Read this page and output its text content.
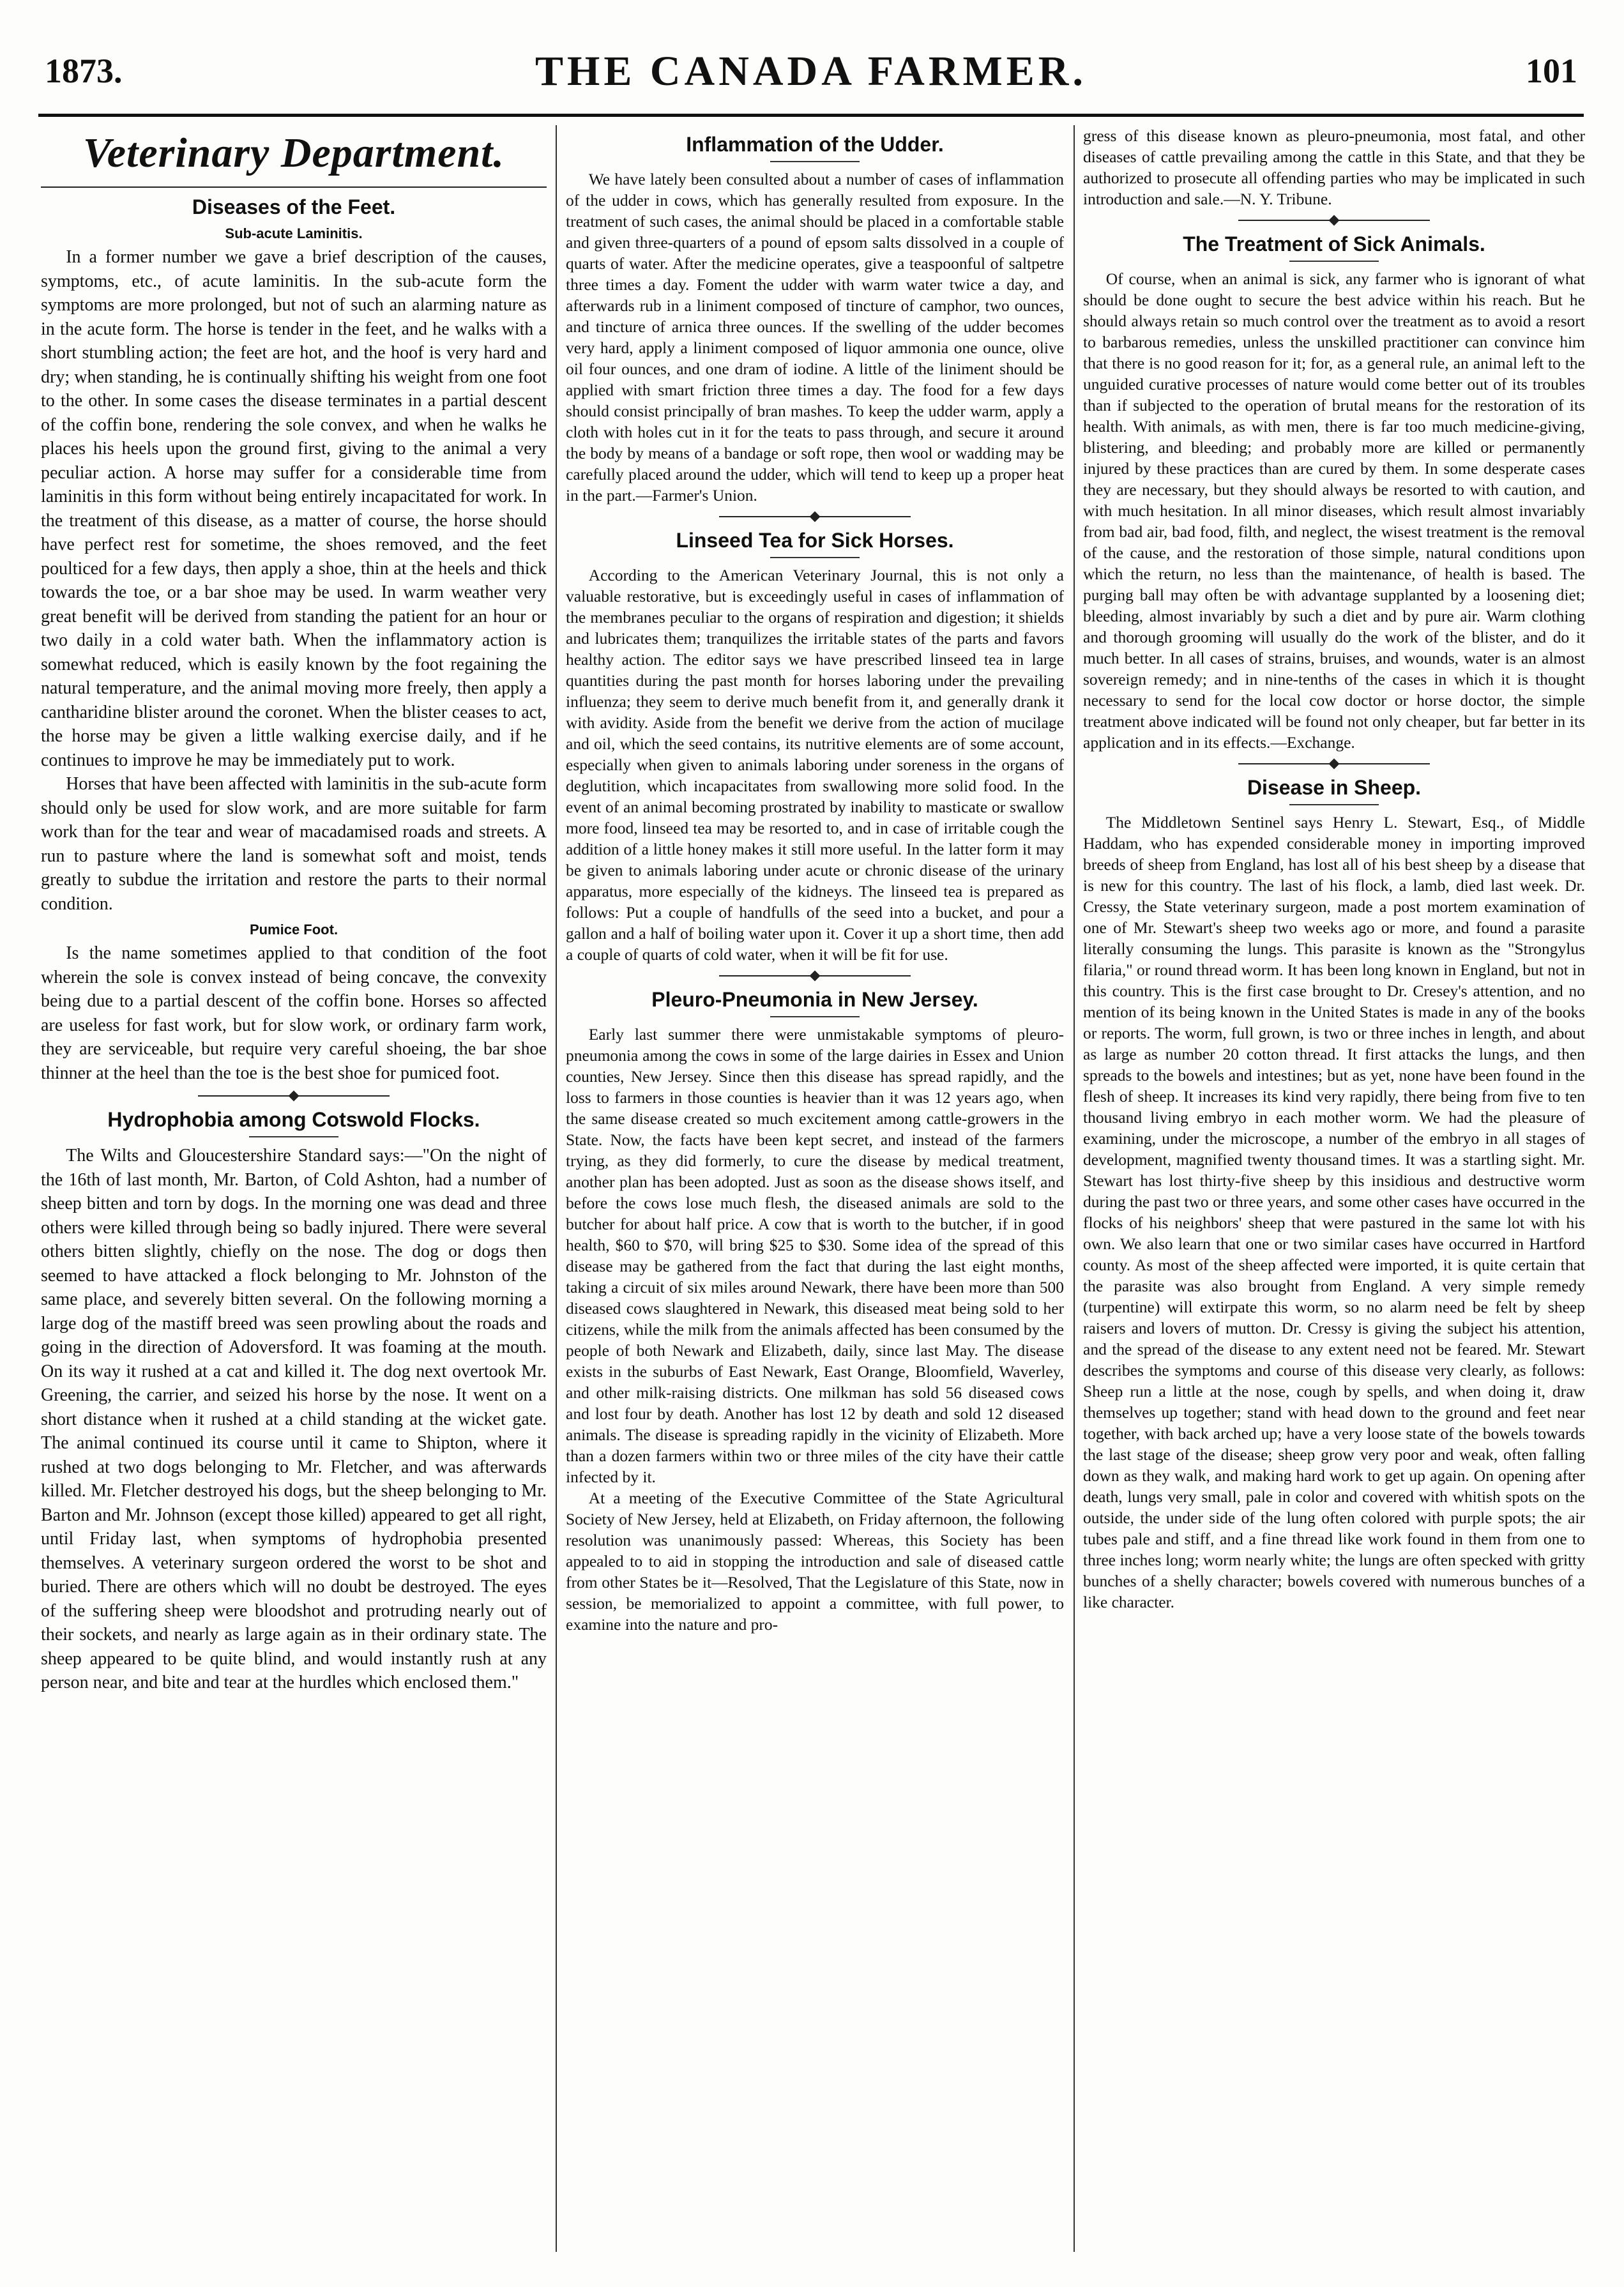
1873.	THE CANADA FARMER.	101
Veterinary Department.
Diseases of the Feet.
Sub-acute Laminitis.

In a former number we gave a brief description of the causes, symptoms, etc., of acute laminitis. In the sub-acute form the symptoms are more prolonged, but not of such an alarming nature as in the acute form. The horse is tender in the feet, and he walks with a short stumbling action; the feet are hot, and the hoof is very hard and dry; when standing, he is continually shifting his weight from one foot to the other. In some cases the disease terminates in a partial descent of the coffin bone, rendering the sole convex, and when he walks he places his heels upon the ground first, giving to the animal a very peculiar action. A horse may suffer for a considerable time from laminitis in this form without being entirely incapacitated for work. In the treatment of this disease, as a matter of course, the horse should have perfect rest for sometime, the shoes removed, and the feet poulticed for a few days, then apply a shoe, thin at the heels and thick towards the toe, or a bar shoe may be used. In warm weather very great benefit will be derived from standing the patient for an hour or two daily in a cold water bath. When the inflammatory action is somewhat reduced, which is easily known by the foot regaining the natural temperature, and the animal moving more freely, then apply a cantharidine blister around the coronet. When the blister ceases to act, the horse may be given a little walking exercise daily, and if he continues to improve he may be immediately put to work.

Horses that have been affected with laminitis in the sub-acute form should only be used for slow work, and are more suitable for farm work than for the tear and wear of macadamised roads and streets. A run to pasture where the land is somewhat soft and moist, tends greatly to subdue the irritation and restore the parts to their normal condition.

Pumice Foot.

Is the name sometimes applied to that condition of the foot wherein the sole is convex instead of being concave, the convexity being due to a partial descent of the coffin bone. Horses so affected are useless for fast work, but for slow work, or ordinary farm work, they are serviceable, but require very careful shoeing, the bar shoe thinner at the heel than the toe is the best shoe for pumiced foot.

Hydrophobia among Cotswold Flocks.

The Wilts and Gloucestershire Standard says:—"On the night of the 16th of last month, Mr. Barton, of Cold Ashton, had a number of sheep bitten and torn by dogs. In the morning one was dead and three others were killed through being so badly injured. There were several others bitten slightly, chiefly on the nose. The dog or dogs then seemed to have attacked a flock belonging to Mr. Johnston of the same place, and severely bitten several. On the following morning a large dog of the mastiff breed was seen prowling about the roads and going in the direction of Adoversford. It was foaming at the mouth. On its way it rushed at a cat and killed it. The dog next overtook Mr. Greening, the carrier, and seized his horse by the nose. It went on a short distance when it rushed at a child standing at the wicket gate. The animal continued its course until it came to Shipton, where it rushed at two dogs belonging to Mr. Fletcher, and was afterwards killed. Mr. Fletcher destroyed his dogs, but the sheep belonging to Mr. Barton and Mr. Johnson (except those killed) appeared to get all right, until Friday last, when symptoms of hydrophobia presented themselves. A veterinary surgeon ordered the worst to be shot and buried. There are others which will no doubt be destroyed. The eyes of the suffering sheep were bloodshot and protruding nearly out of their sockets, and nearly as large again as in their ordinary state. The sheep appeared to be quite blind, and would instantly rush at any person near, and bite and tear at the hurdles which enclosed them."

Inflammation of the Udder.

We have lately been consulted about a number of cases of inflammation of the udder in cows, which has generally resulted from exposure. In the treatment of such cases, the animal should be placed in a comfortable stable and given three-quarters of a pound of epsom salts dissolved in a couple of quarts of water. After the medicine operates, give a teaspoonful of saltpetre three times a day. Foment the udder with warm water twice a day, and afterwards rub in a liniment composed of tincture of camphor, two ounces, and tincture of arnica three ounces. If the swelling of the udder becomes very hard, apply a liniment composed of liquor ammonia one ounce, olive oil four ounces, and one dram of iodine. A little of the liniment should be applied with smart friction three times a day. The food for a few days should consist principally of bran mashes. To keep the udder warm, apply a cloth with holes cut in it for the teats to pass through, and secure it around the body by means of a bandage or soft rope, then wool or wadding may be carefully placed around the udder, which will tend to keep up a proper heat in the part.—Farmer's Union.

Linseed Tea for Sick Horses.

According to the American Veterinary Journal, this is not only a valuable restorative, but is exceedingly useful in cases of inflammation of the membranes peculiar to the organs of respiration and digestion; it shields and lubricates them; tranquilizes the irritable states of the parts and favors healthy action. The editor says we have prescribed linseed tea in large quantities during the past month for horses laboring under the prevailing influenza; they seem to derive much benefit from it, and generally drank it with avidity. Aside from the benefit we derive from the action of mucilage and oil, which the seed contains, its nutritive elements are of some account, especially when given to animals laboring under soreness in the organs of deglutition, which incapacitates from swallowing more solid food. In the event of an animal becoming prostrated by inability to masticate or swallow more food, linseed tea may be resorted to, and in case of irritable cough the addition of a little honey makes it still more useful. In the latter form it may be given to animals laboring under acute or chronic disease of the urinary apparatus, more especially of the kidneys. The linseed tea is prepared as follows: Put a couple of handfulls of the seed into a bucket, and pour a gallon and a half of boiling water upon it. Cover it up a short time, then add a couple of quarts of cold water, when it will be fit for use.

Pleuro-Pneumonia in New Jersey.

Early last summer there were unmistakable symptoms of pleuro-pneumonia among the cows in some of the large dairies in Essex and Union counties, New Jersey. Since then this disease has spread rapidly, and the loss to farmers in those counties is heavier than it was 12 years ago, when the same disease created so much excitement among cattle-growers in the State. Now, the facts have been kept secret, and instead of the farmers trying, as they did formerly, to cure the disease by medical treatment, another plan has been adopted. Just as soon as the disease shows itself, and before the cows lose much flesh, the diseased animals are sold to the butcher for about half price. A cow that is worth to the butcher, if in good health, $60 to $70, will bring $25 to $30. Some idea of the spread of this disease may be gathered from the fact that during the last eight months, taking a circuit of six miles around Newark, there have been more than 500 diseased cows slaughtered in Newark, this diseased meat being sold to her citizens, while the milk from the animals affected has been consumed by the people of both Newark and Elizabeth, daily, since last May. The disease exists in the suburbs of East Newark, East Orange, Bloomfield, Waverley, and other milk-raising districts. One milkman has sold 56 diseased cows and lost four by death. Another has lost 12 by death and sold 12 diseased animals. The disease is spreading rapidly in the vicinity of Elizabeth. More than a dozen farmers within two or three miles of the city have their cattle infected by it.

At a meeting of the Executive Committee of the State Agricultural Society of New Jersey, held at Elizabeth, on Friday afternoon, the following resolution was unanimously passed: Whereas, this Society has been appealed to to aid in stopping the introduction and sale of diseased cattle from other States be it—Resolved, That the Legislature of this State, now in session, be memorialized to appoint a committee, with full power, to examine into the nature and pro-

gress of this disease known as pleuro-pneumonia, most fatal, and other diseases of cattle prevailing among the cattle in this State, and that they be authorized to prosecute all offending parties who may be implicated in such introduction and sale.—N. Y. Tribune.

The Treatment of Sick Animals.

Of course, when an animal is sick, any farmer who is ignorant of what should be done ought to secure the best advice within his reach. But he should always retain so much control over the treatment as to avoid a resort to barbarous remedies, unless the unskilled practitioner can convince him that there is no good reason for it; for, as a general rule, an animal left to the unguided curative processes of nature would come better out of its troubles than if subjected to the operation of brutal means for the restoration of its health. With animals, as with men, there is far too much medicine-giving, blistering, and bleeding; and probably more are killed or permanently injured by these practices than are cured by them. In some desperate cases they are necessary, but they should always be resorted to with caution, and with much hesitation. In all minor diseases, which result almost invariably from bad air, bad food, filth, and neglect, the wisest treatment is the removal of the cause, and the restoration of those simple, natural conditions upon which the return, no less than the maintenance, of health is based. The purging ball may often be with advantage supplanted by a loosening diet; bleeding, almost invariably by such a diet and by pure air. Warm clothing and thorough grooming will usually do the work of the blister, and do it much better. In all cases of strains, bruises, and wounds, water is an almost sovereign remedy; and in nine-tenths of the cases in which it is thought necessary to send for the local cow doctor or horse doctor, the simple treatment above indicated will be found not only cheaper, but far better in its application and in its effects.—Exchange.

Disease in Sheep.

The Middletown Sentinel says Henry L. Stewart, Esq., of Middle Haddam, who has expended considerable money in importing improved breeds of sheep from England, has lost all of his best sheep by a disease that is new for this country. The last of his flock, a lamb, died last week. Dr. Cressy, the State veterinary surgeon, made a post mortem examination of one of Mr. Stewart's sheep two weeks ago or more, and found a parasite literally consuming the lungs. This parasite is known as the "Strongylus filaria," or round thread worm. It has been long known in England, but not in this country. This is the first case brought to Dr. Cresey's attention, and no mention of its being known in the United States is made in any of the books or reports. The worm, full grown, is two or three inches in length, and about as large as number 20 cotton thread. It first attacks the lungs, and then spreads to the bowels and intestines; but as yet, none have been found in the flesh of sheep. It increases its kind very rapidly, there being from five to ten thousand living embryo in each mother worm. We had the pleasure of examining, under the microscope, a number of the embryo in all stages of development, magnified twenty thousand times. It was a startling sight. Mr. Stewart has lost thirty-five sheep by this insidious and destructive worm during the past two or three years, and some other cases have occurred in the flocks of his neighbors' sheep that were pastured in the same lot with his own. We also learn that one or two similar cases have occurred in Hartford county. As most of the sheep affected were imported, it is quite certain that the parasite was also brought from England. A very simple remedy (turpentine) will extirpate this worm, so no alarm need be felt by sheep raisers and lovers of mutton. Dr. Cressy is giving the subject his attention, and the spread of the disease to any extent need not be feared. Mr. Stewart describes the symptoms and course of this disease very clearly, as follows: Sheep run a little at the nose, cough by spells, and when doing it, draw themselves up together; stand with head down to the ground and feet near together, with back arched up; have a very loose state of the bowels towards the last stage of the disease; sheep grow very poor and weak, often falling down as they walk, and making hard work to get up again. On opening after death, lungs very small, pale in color and covered with whitish spots on the outside, the under side of the lung often colored with purple spots; the air tubes pale and stiff, and a fine thread like work found in them from one to three inches long; worm nearly white; the lungs are often specked with gritty bunches of a shelly character; bowels covered with numerous bunches of a like character.
